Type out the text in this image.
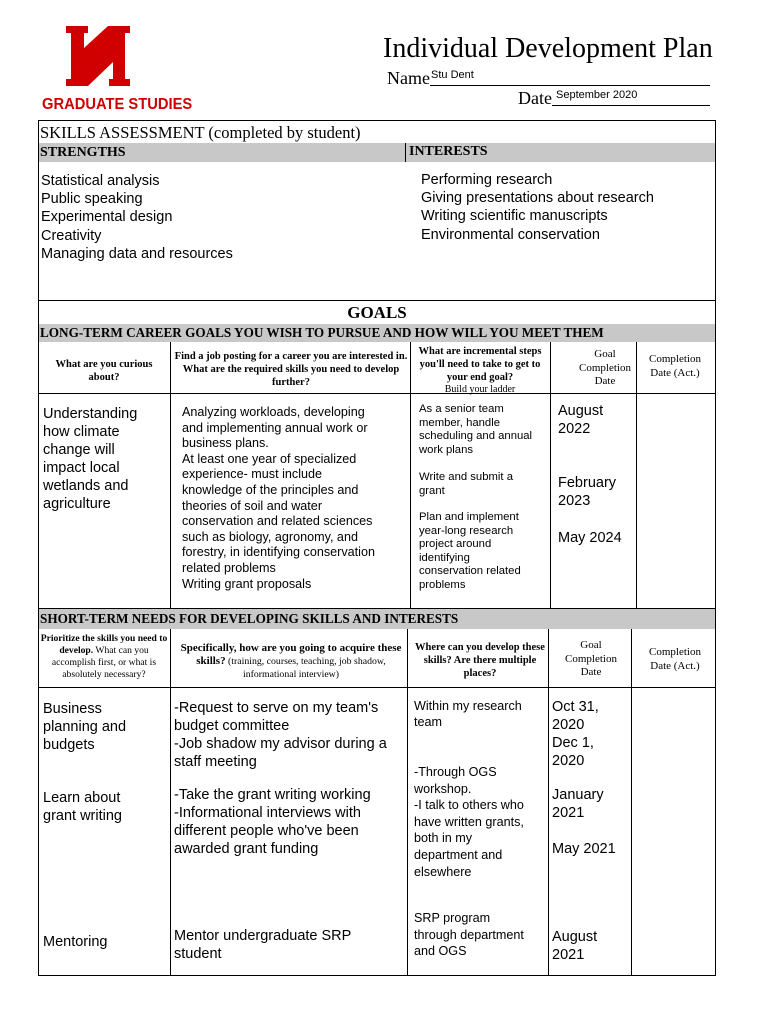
GRADUATE STUDIES
Individual Development Plan
Name Stu Dent
Date September 2020
SKILLS ASSESSMENT (completed by student)
STRENGTHS	INTERESTS
Statistical analysis
Public speaking
Experimental design
Creativity
Managing data and resources
Performing research
Giving presentations about research
Writing scientific manuscripts
Environmental conservation
GOALS
LONG-TERM CAREER GOALS YOU WISH TO PURSUE AND HOW WILL YOU MEET THEM
What are you curious about?
Find a job posting for a career you are interested in. What are the required skills you need to develop further?
What are incremental steps you'll need to take to get to your end goal?
Build your ladder
Goal Completion Date
Completion Date (Act.)
Understanding
how climate
change will
impact local
wetlands and
agriculture
Analyzing workloads, developing
and implementing annual work or
business plans.
At least one year of specialized
experience- must include
knowledge of the principles and
theories of soil and water
conservation and related sciences
such as biology, agronomy, and
forestry, in identifying conservation
related problems
Writing grant proposals
As a senior team
member, handle
scheduling and annual
work plans
Write and submit a
grant
Plan and implement
year-long research
project around
identifying
conservation related
problems
August
2022
February
2023
May 2024
SHORT-TERM NEEDS FOR DEVELOPING SKILLS AND INTERESTS
Prioritize the skills you need to develop. What can you accomplish first, or what is absolutely necessary?
Specifically, how are you going to acquire these skills? (training, courses, teaching, job shadow, informational interview)
Where can you develop these skills? Are there multiple places?
Goal Completion Date
Completion Date (Act.)
Business
planning and
budgets
-Request to serve on my team's
budget committee
-Job shadow my advisor during a
staff meeting
Within my research
team
Oct 31,
2020
Dec 1,
2020
Learn about
grant writing
-Take the grant writing working
-Informational interviews with
different people who've been
awarded grant funding
-Through OGS
workshop.
-I talk to others who
have written grants,
both in my
department and
elsewhere
January
2021
May 2021
Mentoring	Mentor undergraduate SRP
student
SRP program
through department
and OGS
August
2021
